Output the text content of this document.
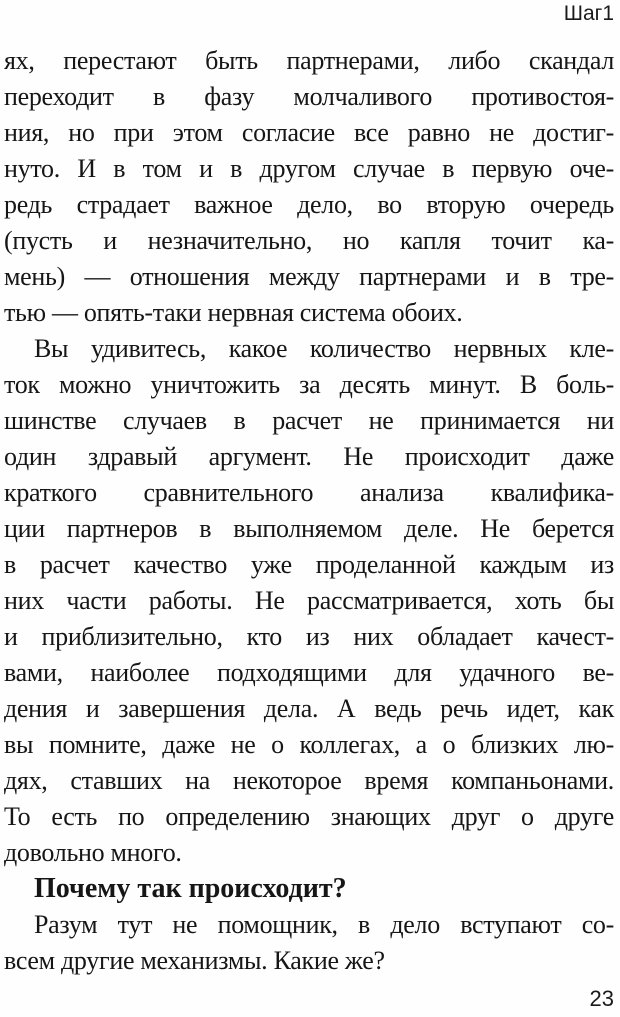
Шаг1

ях, перестают быть партнерами, либо скандал

переходит в фазу молчаливого противостоя-

ния, но при этом согласие все равно не достиг-

нуто. И в том и в другом случае в первую оче-

редь страдает важное дело, во вторую очередь

(пусть и незначительно, но капля точит ка-

мень) — отношения между партнерами и в тре-

тью — опять-таки нервная система обоих.

Вы удивитесь, какое количество нервных кле-

ток можно уничтожить за десять минут. В боль-

шинстве случаев в расчет не принимается ни

один здравый аргумент. Не происходит даже

краткого сравнительного анализа квалифика-

ции партнеров в выполняемом деле. Не берется

в расчет качество уже проделанной каждым из

них части работы. Не рассматривается, хоть бы

и приблизительно, кто из них обладает качест-

вами, наиболее подходящими для удачного ве-

дения и завершения дела. А ведь речь идет, как

вы помните, даже не о коллегах, а о близких лю-

дях, ставших на некоторое время компаньонами.

То есть по определению знающих друг о друге

довольно много.

Почему так происходит?

Разум тут не помощник, в дело вступают со-

всем другие механизмы. Какие же?

23
